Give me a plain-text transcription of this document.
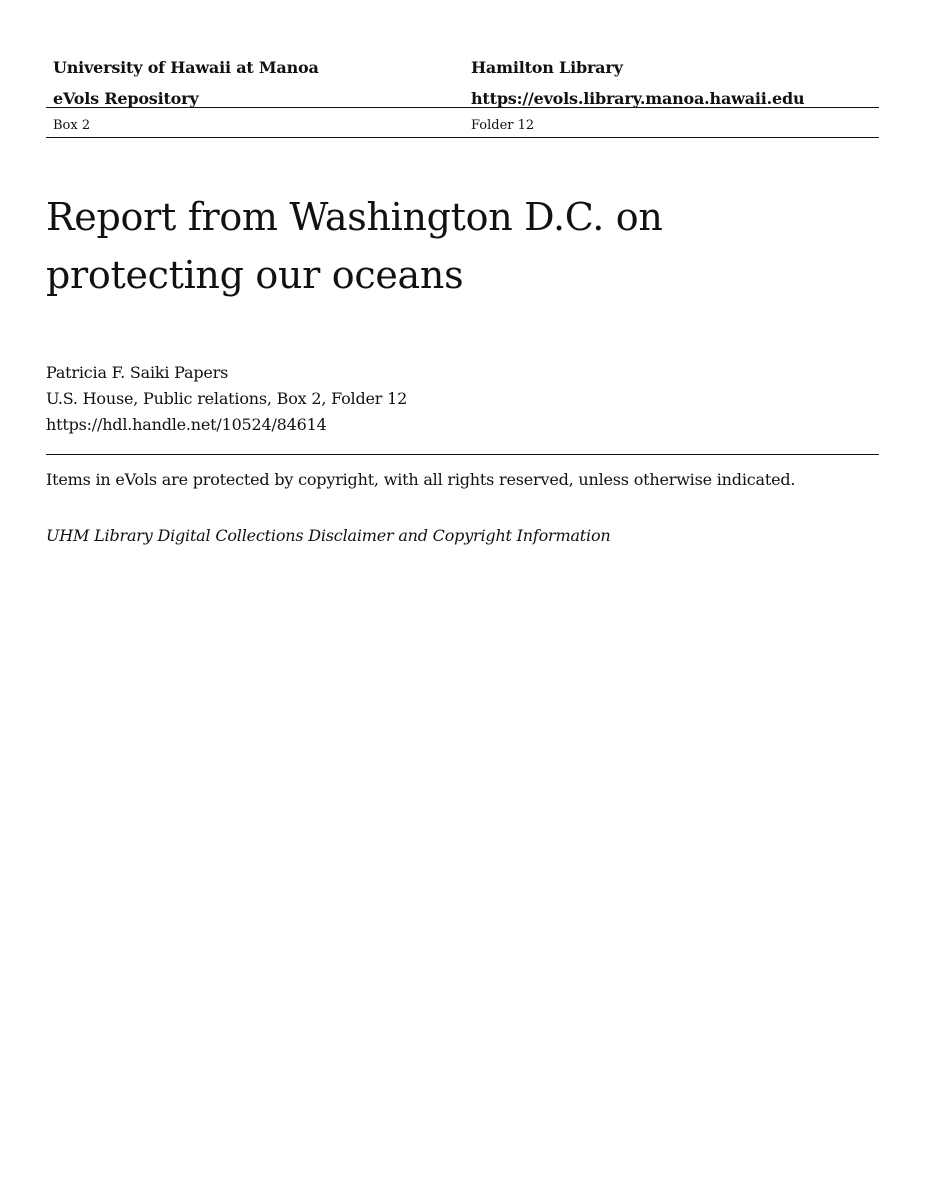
University of Hawaii at Manoa
eVols Repository
Hamilton Library
https://evols.library.manoa.hawaii.edu
Box 2	Folder 12
Report from Washington D.C. on protecting our oceans
Patricia F. Saiki Papers
U.S. House, Public relations, Box 2, Folder 12
https://hdl.handle.net/10524/84614
Items in eVols are protected by copyright, with all rights reserved, unless otherwise indicated.
UHM Library Digital Collections Disclaimer and Copyright Information
